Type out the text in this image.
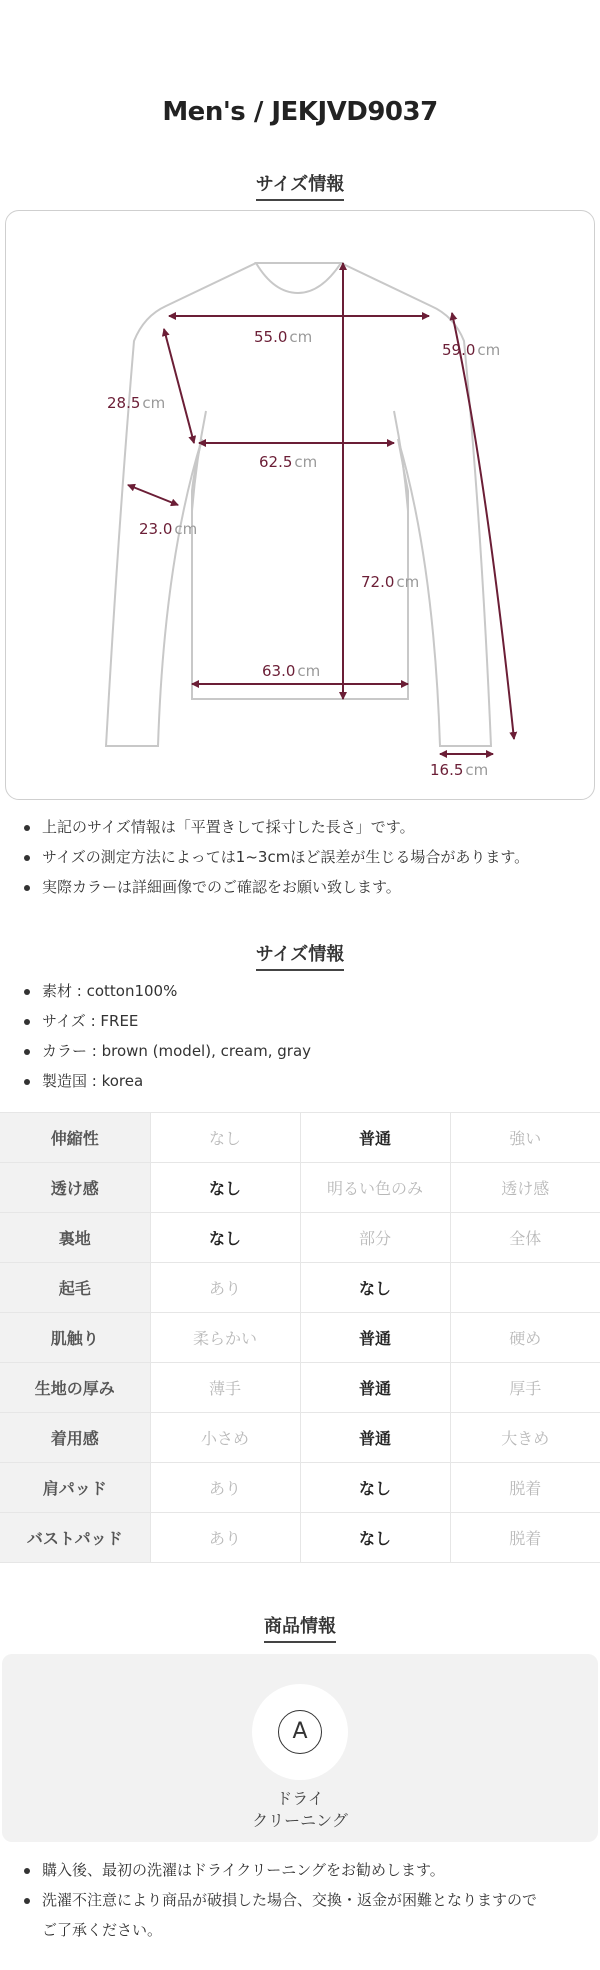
Men's / JEKJVD9037
サイズ情報
55.0 cm
59.0 cm
28.5 cm
62.5 cm
23.0 cm
72.0 cm
63.0 cm
16.5 cm
上記のサイズ情報は「平置きして採寸した長さ」です。
サイズの測定方法によっては1~3cmほど誤差が生じる場合があります。
実際カラーは詳細画像でのご確認をお願い致します。
サイズ情報
素材 : cotton100%
サイズ : FREE
カラー : brown (model), cream, gray
製造国 : korea
伸縮性	なし	普通	強い
透け感	なし	明るい色のみ	透け感
裏地	なし	部分	全体
起毛	あり	なし	
肌触り	柔らかい	普通	硬め
生地の厚み	薄手	普通	厚手
着用感	小さめ	普通	大きめ
肩パッド	あり	なし	脱着
バストパッド	あり	なし	脱着
商品情報
A
ドライ
クリーニング
購入後、最初の洗濯はドライクリーニングをお勧めします。
洗濯不注意により商品が破損した場合、交換・返金が困難となりますので
ご了承ください。
